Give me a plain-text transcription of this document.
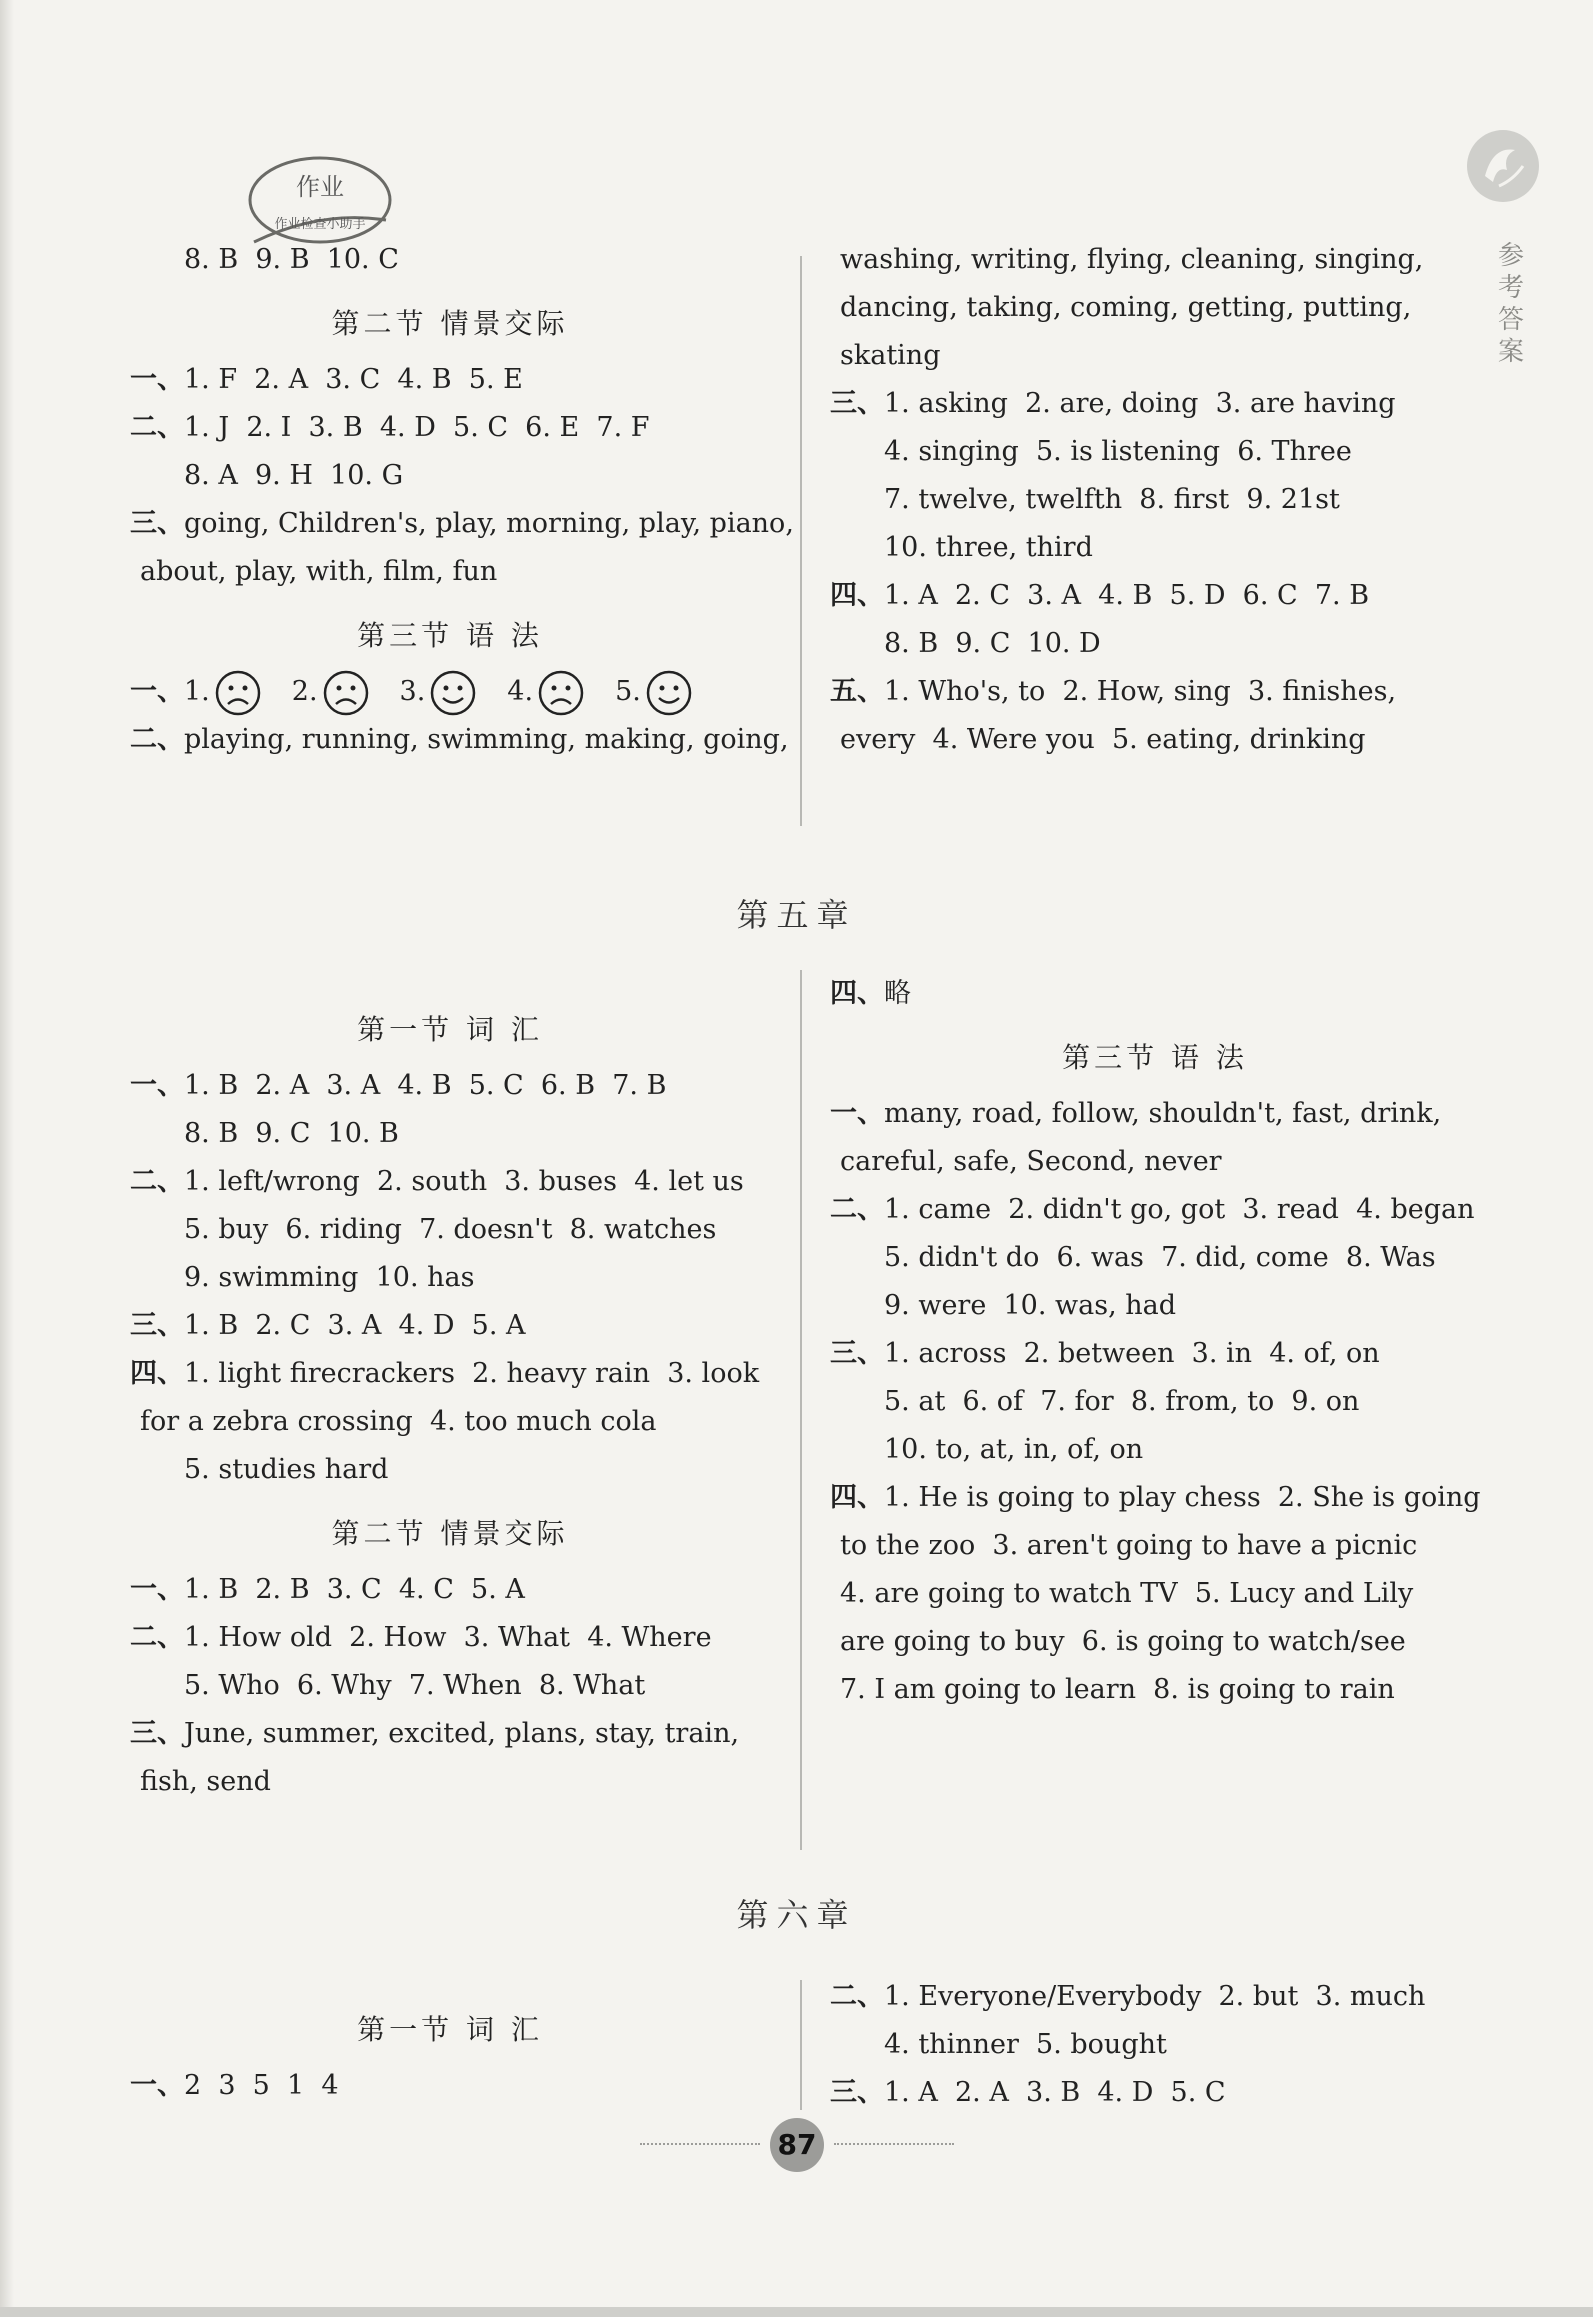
作业
作业检查小助手
参考答案
8. B  9. B  10. C
第二节 情景交际
一、1. F  2. A  3. C  4. B  5. E
二、1. J  2. I  3. B  4. D  5. C  6. E  7. F
8. A  9. H  10. G
三、going, Children's, play, morning, play, piano,
about, play, with, film, fun
第三节 语 法
一、1.	2.	3.	4.	5.
二、playing, running, swimming, making, going,
washing, writing, flying, cleaning, singing,
dancing, taking, coming, getting, putting,
skating
三、1. asking  2. are, doing  3. are having
4. singing  5. is listening  6. Three
7. twelve, twelfth  8. first  9. 21st
10. three, third
四、1. A  2. C  3. A  4. B  5. D  6. C  7. B
8. B  9. C  10. D
五、1. Who's, to  2. How, sing  3. finishes,
every  4. Were you  5. eating, drinking
第五章
第一节 词 汇
一、1. B  2. A  3. A  4. B  5. C  6. B  7. B
8. B  9. C  10. B
二、1. left/wrong  2. south  3. buses  4. let us
5. buy  6. riding  7. doesn't  8. watches
9. swimming  10. has
三、1. B  2. C  3. A  4. D  5. A
四、1. light firecrackers  2. heavy rain  3. look
for a zebra crossing  4. too much cola
5. studies hard
第二节 情景交际
一、1. B  2. B  3. C  4. C  5. A
二、1. How old  2. How  3. What  4. Where
5. Who  6. Why  7. When  8. What
三、June, summer, excited, plans, stay, train,
fish, send
四、略
第三节 语 法
一、many, road, follow, shouldn't, fast, drink,
careful, safe, Second, never
二、1. came  2. didn't go, got  3. read  4. began
5. didn't do  6. was  7. did, come  8. Was
9. were  10. was, had
三、1. across  2. between  3. in  4. of, on
5. at  6. of  7. for  8. from, to  9. on
10. to, at, in, of, on
四、1. He is going to play chess  2. She is going
to the zoo  3. aren't going to have a picnic
4. are going to watch TV  5. Lucy and Lily
are going to buy  6. is going to watch/see
7. I am going to learn  8. is going to rain
第六章
第一节 词 汇
一、2  3  5  1  4
二、1. Everyone/Everybody  2. but  3. much
4. thinner  5. bought
三、1. A  2. A  3. B  4. D  5. C
87
